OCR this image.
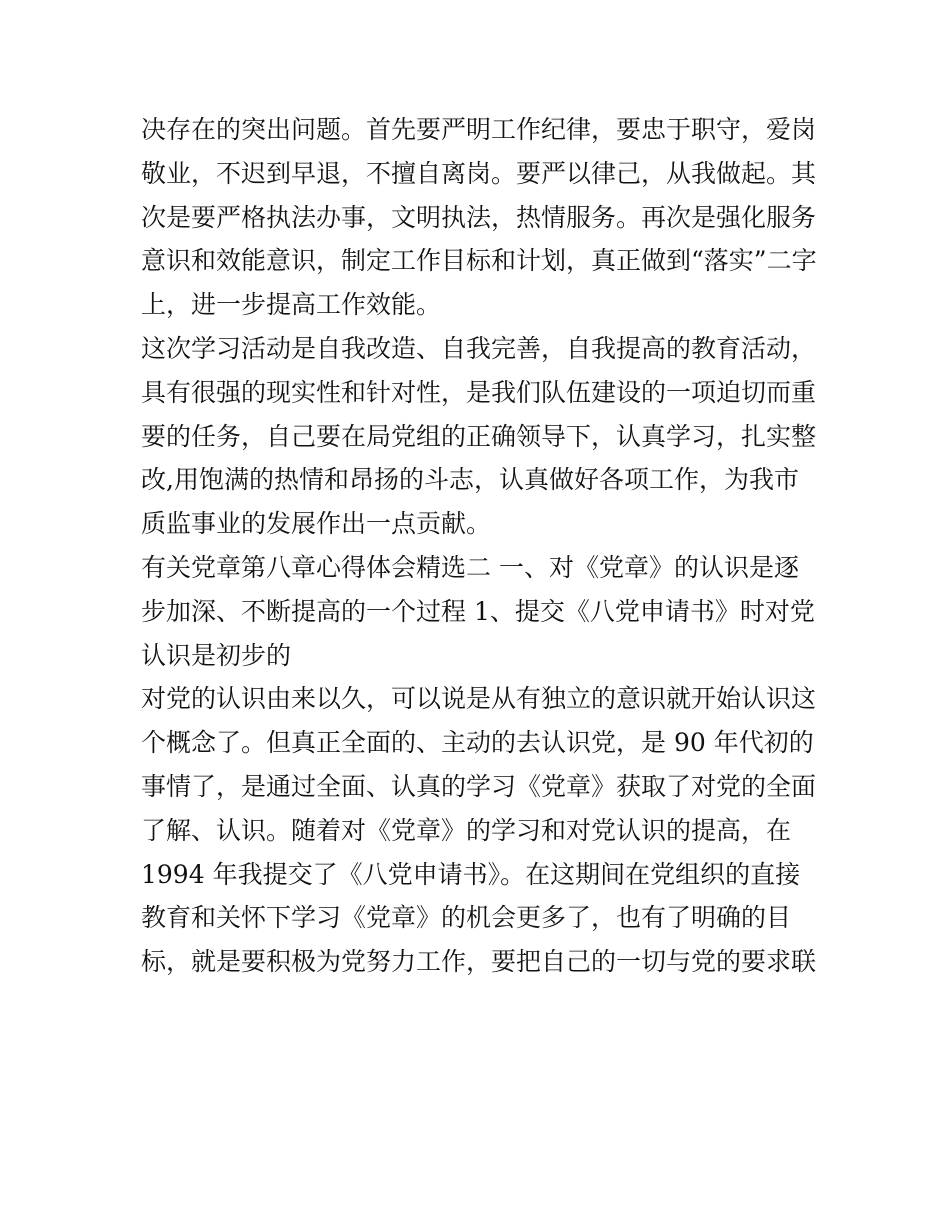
决存在的突出问题。首先要严明工作纪律，要忠于职守，爱岗
敬业，不迟到早退，不擅自离岗。要严以律己，从我做起。其
次是要严格执法办事，文明执法，热情服务。再次是强化服务
意识和效能意识，制定工作目标和计划，真正做到“落实”二字
上，进一步提高工作效能。
这次学习活动是自我改造、自我完善，自我提高的教育活动，
具有很强的现实性和针对性，是我们队伍建设的一项迫切而重
要的任务，自己要在局党组的正确领导下，认真学习，扎实整
改,用饱满的热情和昂扬的斗志，认真做好各项工作，为我市
质监事业的发展作出一点贡献。
有关党章第八章心得体会精选二 一、对《党章》的认识是逐
步加深、不断提高的一个过程 1、提交《八党申请书》时对党
认识是初步的
对党的认识由来以久，可以说是从有独立的意识就开始认识这
个概念了。但真正全面的、主动的去认识党，是 90 年代初的
事情了，是通过全面、认真的学习《党章》获取了对党的全面
了解、认识。随着对《党章》的学习和对党认识的提高，在
1994 年我提交了《八党申请书》。在这期间在党组织的直接
教育和关怀下学习《党章》的机会更多了，也有了明确的目
标，就是要积极为党努力工作，要把自己的一切与党的要求联
